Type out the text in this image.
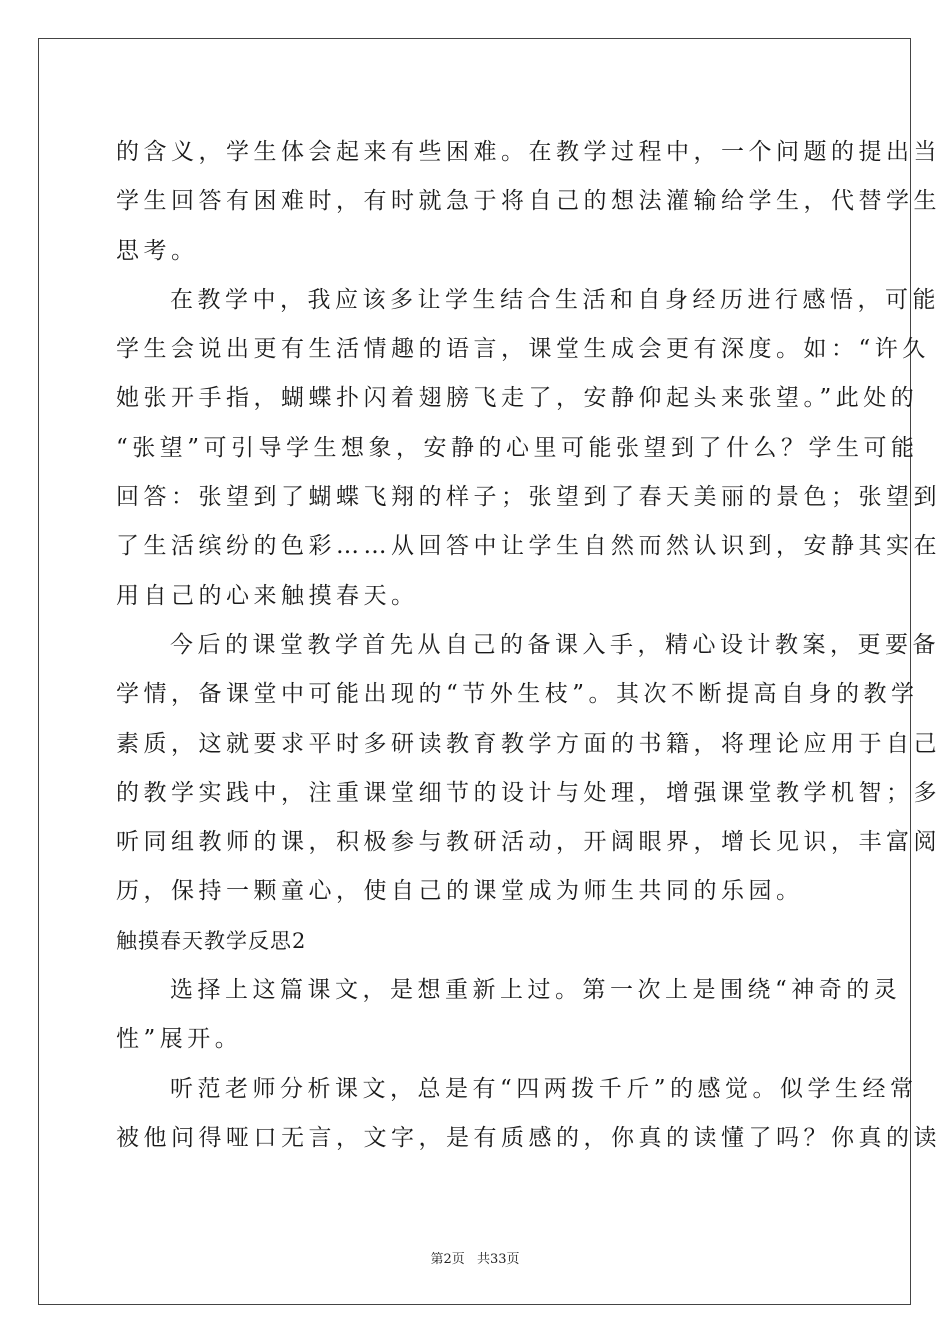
的含义，学生体会起来有些困难。在教学过程中，一个问题的提出当
学生回答有困难时，有时就急于将自己的想法灌输给学生，代替学生
思考。
在教学中，我应该多让学生结合生活和自身经历进行感悟，可能
学生会说出更有生活情趣的语言，课堂生成会更有深度。如：“许久
她张开手指，蝴蝶扑闪着翅膀飞走了，安静仰起头来张望。”此处的
“张望”可引导学生想象，安静的心里可能张望到了什么？学生可能
回答：张望到了蝴蝶飞翔的样子；张望到了春天美丽的景色；张望到
了生活缤纷的色彩……从回答中让学生自然而然认识到，安静其实在
用自己的心来触摸春天。
今后的课堂教学首先从自己的备课入手，精心设计教案，更要备
学情，备课堂中可能出现的“节外生枝”。其次不断提高自身的教学
素质，这就要求平时多研读教育教学方面的书籍，将理论应用于自己
的教学实践中，注重课堂细节的设计与处理，增强课堂教学机智；多
听同组教师的课，积极参与教研活动，开阔眼界，增长见识，丰富阅
历，保持一颗童心，使自己的课堂成为师生共同的乐园。
触摸春天教学反思2
选择上这篇课文，是想重新上过。第一次上是围绕“神奇的灵
性”展开。
听范老师分析课文，总是有“四两拨千斤”的感觉。似学生经常
被他问得哑口无言，文字，是有质感的，你真的读懂了吗？你真的读
第2页 共33页
